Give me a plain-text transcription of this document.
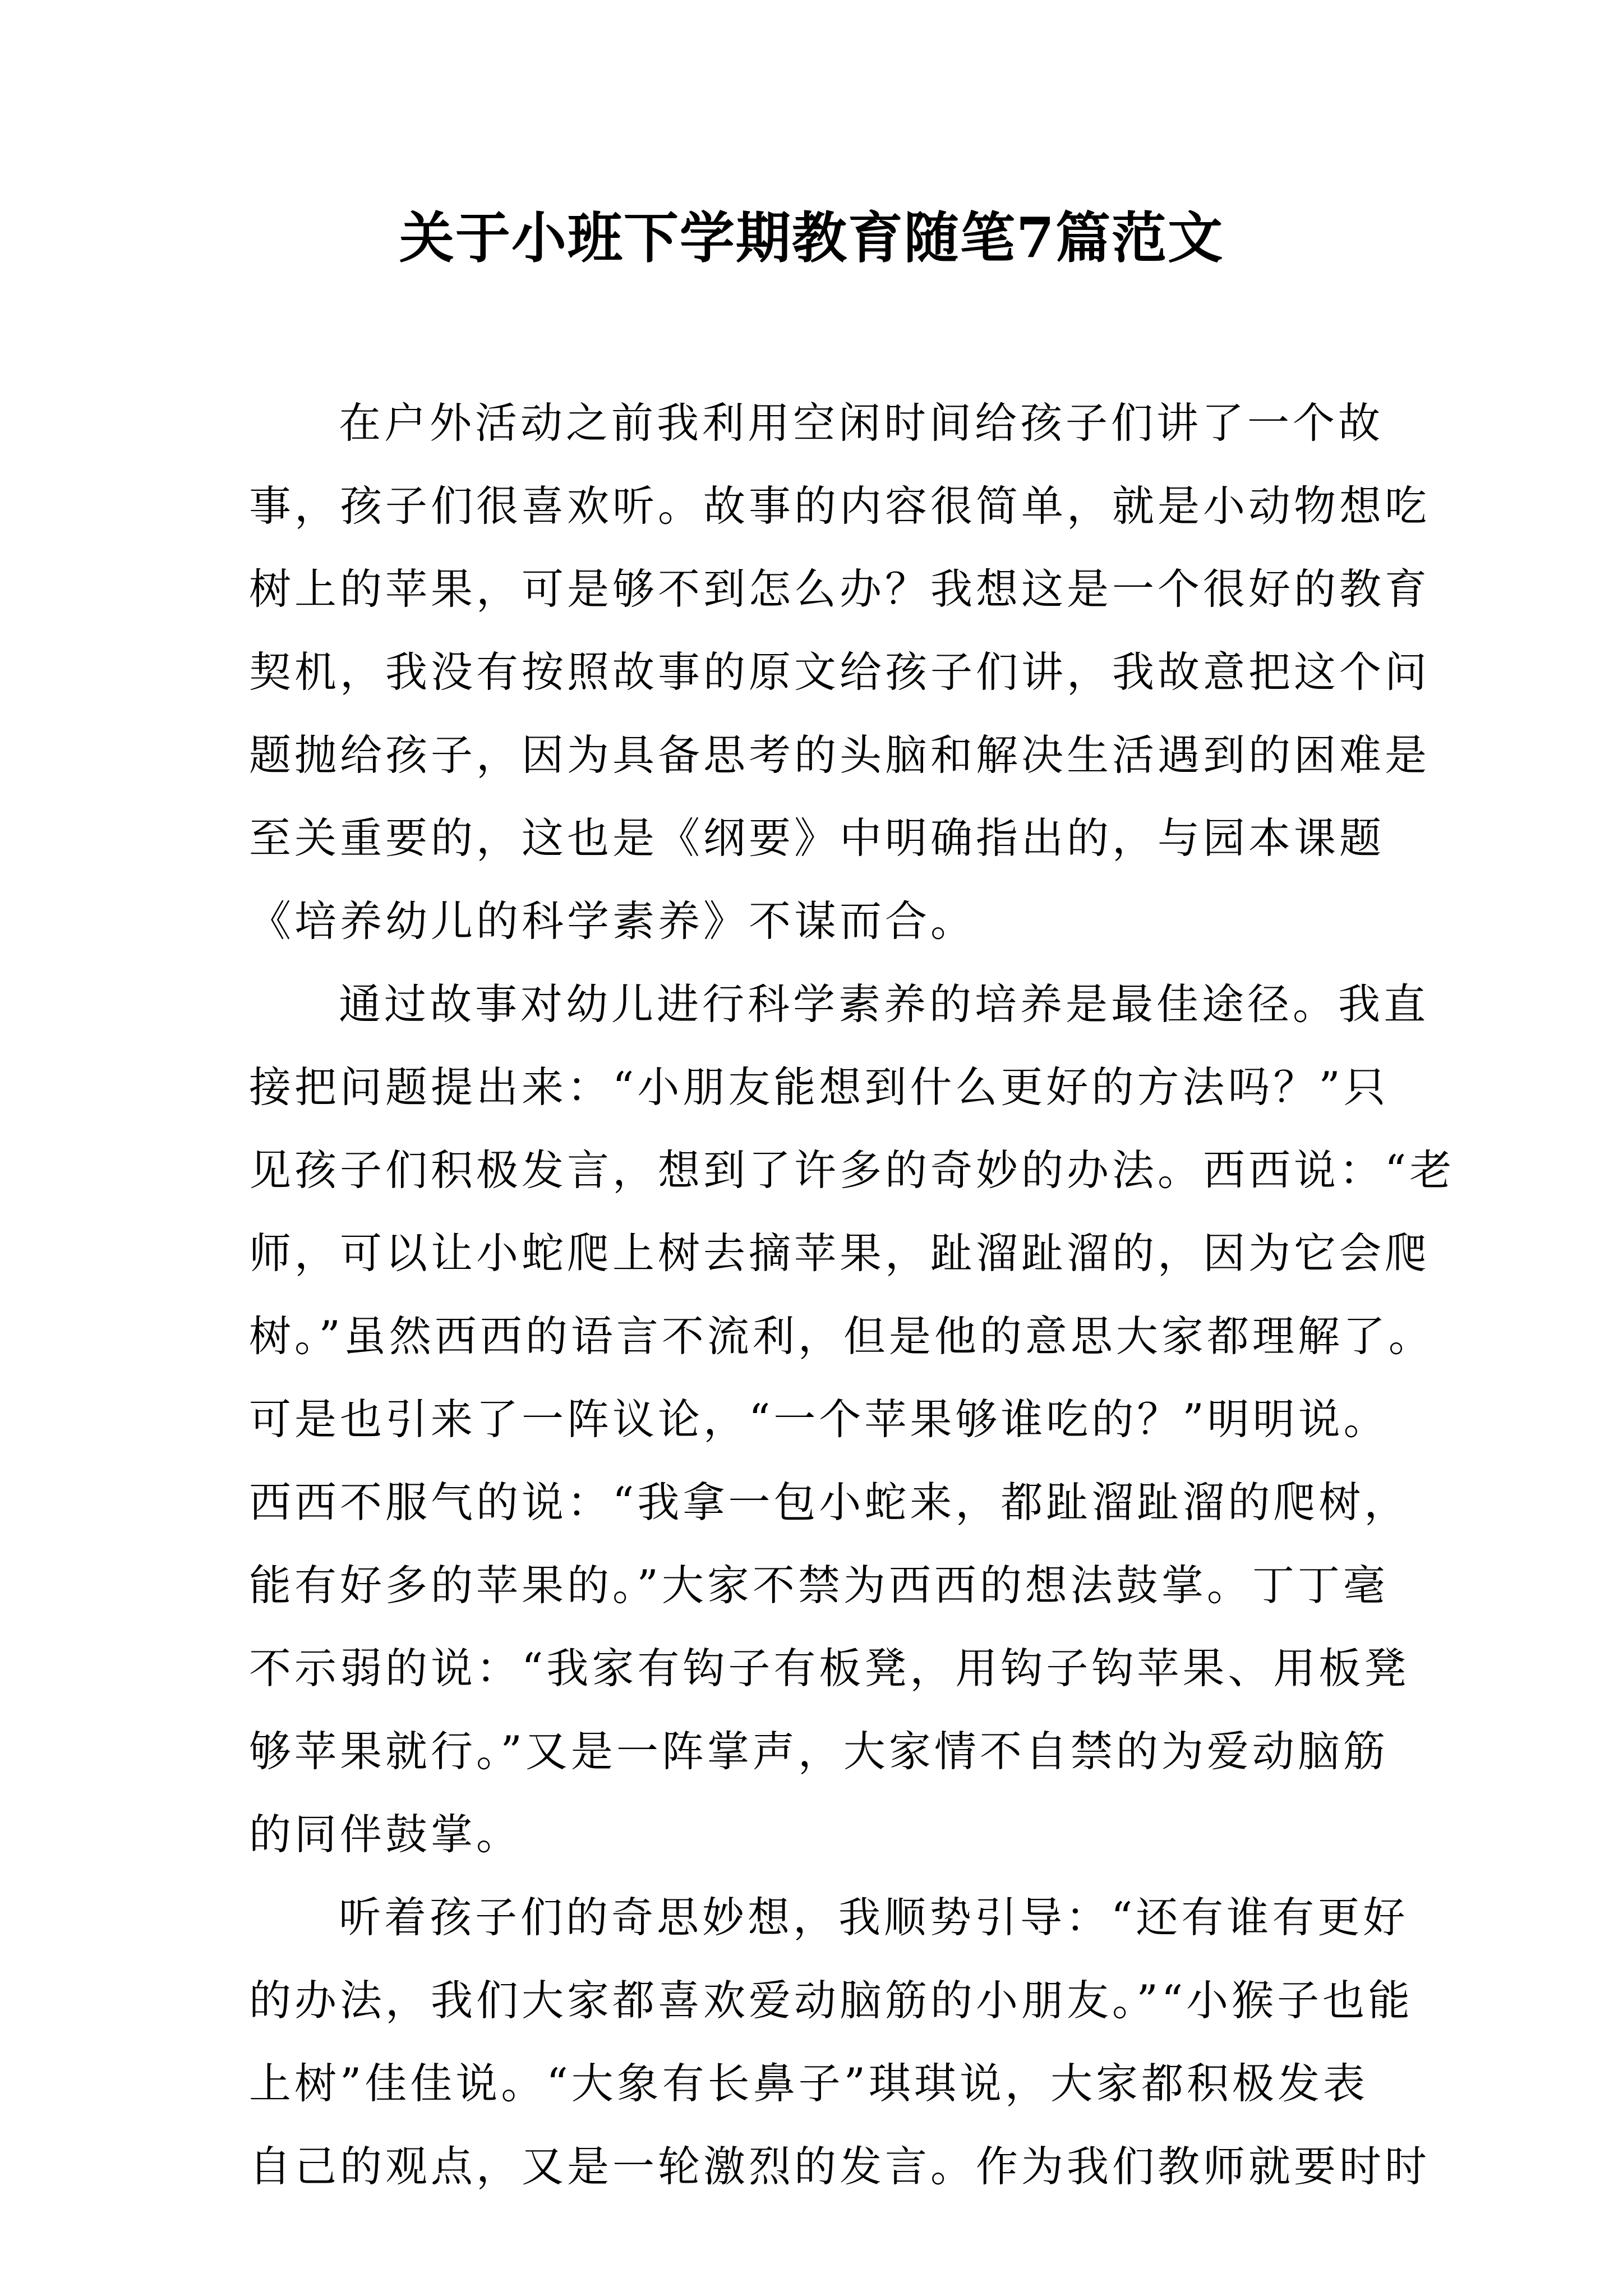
关于小班下学期教育随笔7篇范文

在户外活动之前我利用空闲时间给孩子们讲了一个故
事，孩子们很喜欢听。故事的内容很简单，就是小动物想吃
树上的苹果，可是够不到怎么办？我想这是一个很好的教育
契机，我没有按照故事的原文给孩子们讲，我故意把这个问
题抛给孩子，因为具备思考的头脑和解决生活遇到的困难是
至关重要的，这也是《纲要》中明确指出的，与园本课题
《培养幼儿的科学素养》不谋而合。

通过故事对幼儿进行科学素养的培养是最佳途径。我直
接把问题提出来：“小朋友能想到什么更好的方法吗？”只
见孩子们积极发言，想到了许多的奇妙的办法。西西说：“老
师，可以让小蛇爬上树去摘苹果，趾溜趾溜的，因为它会爬
树。”虽然西西的语言不流利，但是他的意思大家都理解了。
可是也引来了一阵议论，“一个苹果够谁吃的？”明明说。
西西不服气的说：“我拿一包小蛇来，都趾溜趾溜的爬树，
能有好多的苹果的。”大家不禁为西西的想法鼓掌。丁丁毫
不示弱的说：“我家有钩子有板凳，用钩子钩苹果、用板凳
够苹果就行。”又是一阵掌声，大家情不自禁的为爱动脑筋
的同伴鼓掌。

听着孩子们的奇思妙想，我顺势引导：“还有谁有更好
的办法，我们大家都喜欢爱动脑筋的小朋友。”“小猴子也能
上树”佳佳说。“大象有长鼻子”琪琪说，大家都积极发表
自己的观点，又是一轮激烈的发言。作为我们教师就要时时
